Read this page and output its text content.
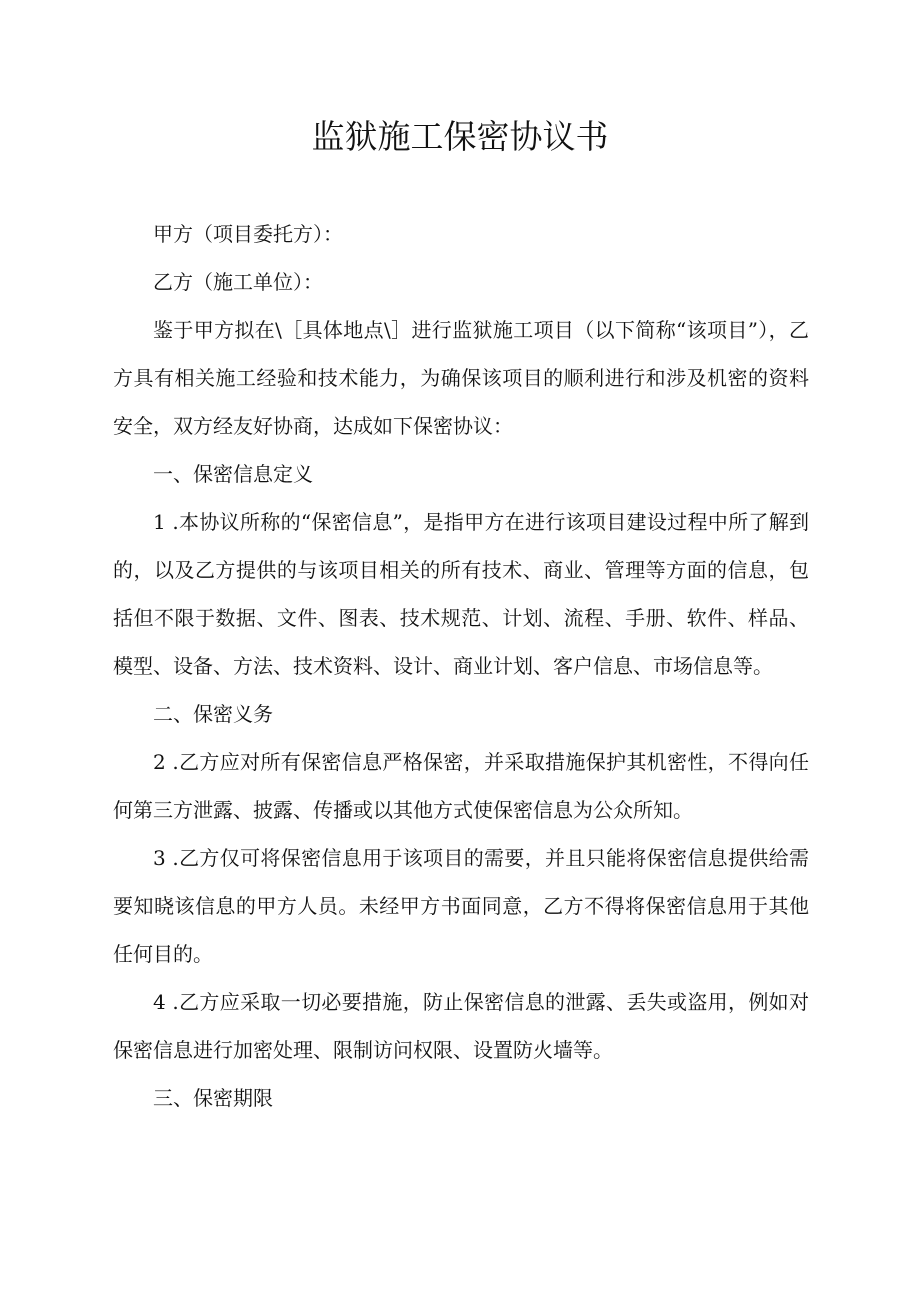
监狱施工保密协议书

甲方（项目委托方）：

乙方（施工单位）：

鉴于甲方拟在\［具体地点\］进行监狱施工项目（以下简称“该项目”），乙方具有相关施工经验和技术能力，为确保该项目的顺利进行和涉及机密的资料安全，双方经友好协商，达成如下保密协议：

一、保密信息定义

1 .本协议所称的“保密信息”，是指甲方在进行该项目建设过程中所了解到的，以及乙方提供的与该项目相关的所有技术、商业、管理等方面的信息，包括但不限于数据、文件、图表、技术规范、计划、流程、手册、软件、样品、模型、设备、方法、技术资料、设计、商业计划、客户信息、市场信息等。

二、保密义务

2 .乙方应对所有保密信息严格保密，并采取措施保护其机密性，不得向任何第三方泄露、披露、传播或以其他方式使保密信息为公众所知。

3 .乙方仅可将保密信息用于该项目的需要，并且只能将保密信息提供给需要知晓该信息的甲方人员。未经甲方书面同意，乙方不得将保密信息用于其他任何目的。

4 .乙方应采取一切必要措施，防止保密信息的泄露、丢失或盗用，例如对保密信息进行加密处理、限制访问权限、设置防火墙等。

三、保密期限
